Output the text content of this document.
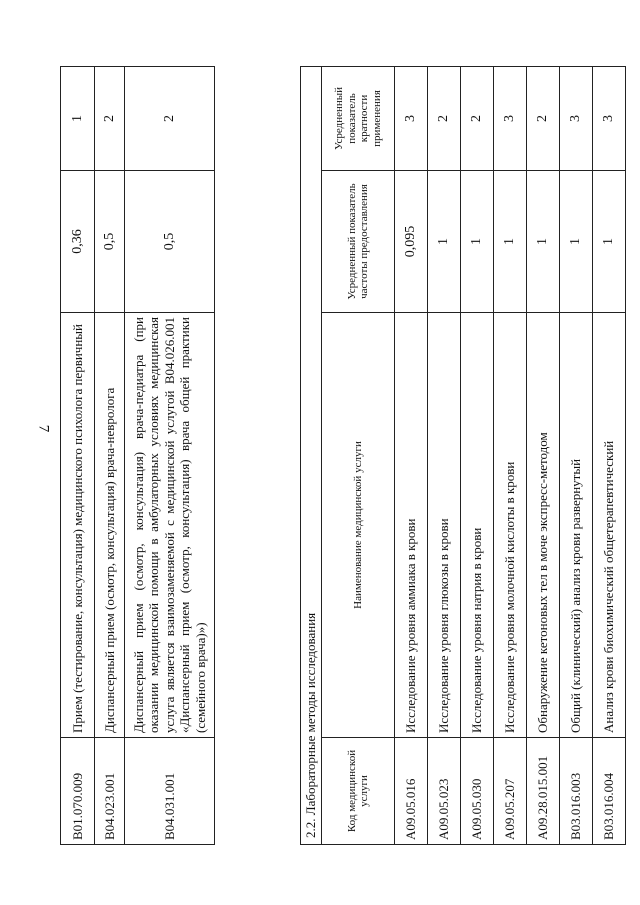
7
B01.070.009	Прием (тестирование, консультация) медицинского психолога первичный	0,36	1
B04.023.001	Диспансерный прием (осмотр, консультация) врача-невролога	0,5	2
B04.031.001	Диспансерный прием (осмотр, консультация) врача-педиатра (при оказании медицинской помощи в амбулаторных условиях медицинская услуга является взаимозаменяемой с медицинской услугой B04.026.001 «Диспансерный прием (осмотр, консультация) врача общей практики (семейного врача)»)	0,5	2
2.2. Лабораторные методы исследования			
Код медицинской услуги	Наименование медицинской услуги	Усредненный показатель частоты предоставления	Усредненный показатель кратности применения
A09.05.016	Исследование уровня аммиака в крови	0,095	3
A09.05.023	Исследование уровня глюкозы в крови	1	2
A09.05.030	Исследование уровня натрия в крови	1	2
A09.05.207	Исследование уровня молочной кислоты в крови	1	3
A09.28.015.001	Обнаружение кетоновых тел в моче экспресс-методом	1	2
B03.016.003	Общий (клинический) анализ крови развернутый	1	3
B03.016.004	Анализ крови биохимический общетерапевтический	1	3
